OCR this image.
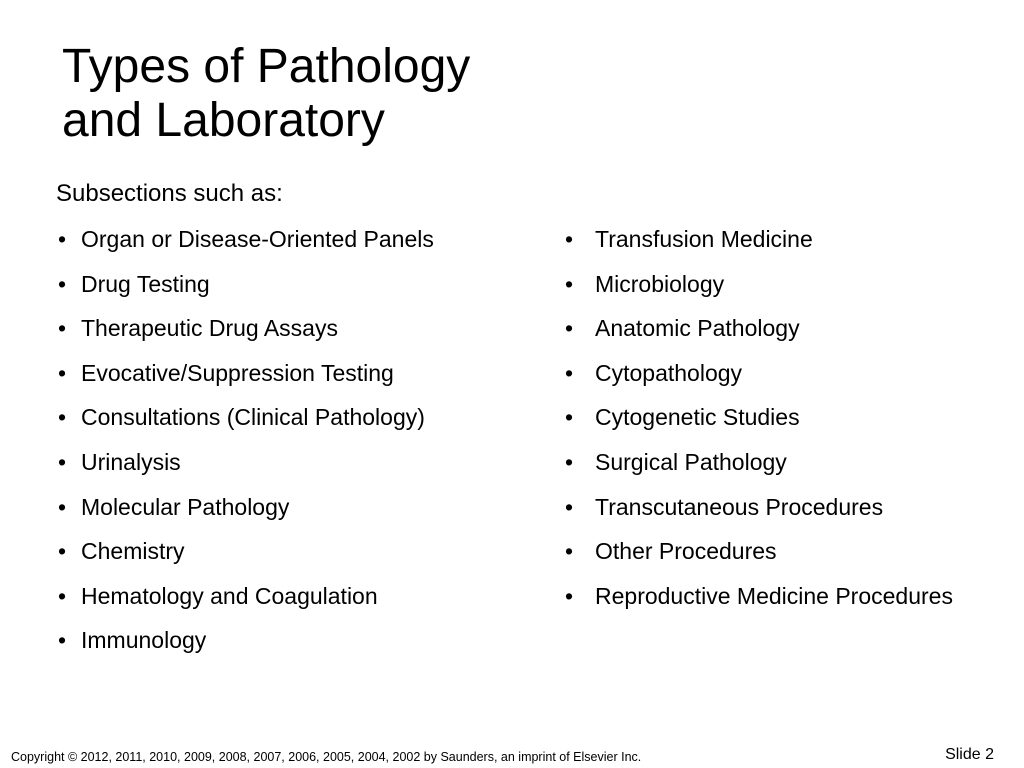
Types of Pathology
and Laboratory

Subsections such as:

• Organ or Disease-Oriented Panels
• Drug Testing
• Therapeutic Drug Assays
• Evocative/Suppression Testing
• Consultations (Clinical Pathology)
• Urinalysis
• Molecular Pathology
• Chemistry
• Hematology and Coagulation
• Immunology
• Transfusion Medicine
• Microbiology
• Anatomic Pathology
• Cytopathology
• Cytogenetic Studies
• Surgical Pathology
• Transcutaneous Procedures
• Other Procedures
• Reproductive Medicine Procedures
Copyright © 2012, 2011, 2010, 2009, 2008, 2007, 2006, 2005, 2004, 2002 by Saunders, an imprint of Elsevier Inc.	Slide 2
